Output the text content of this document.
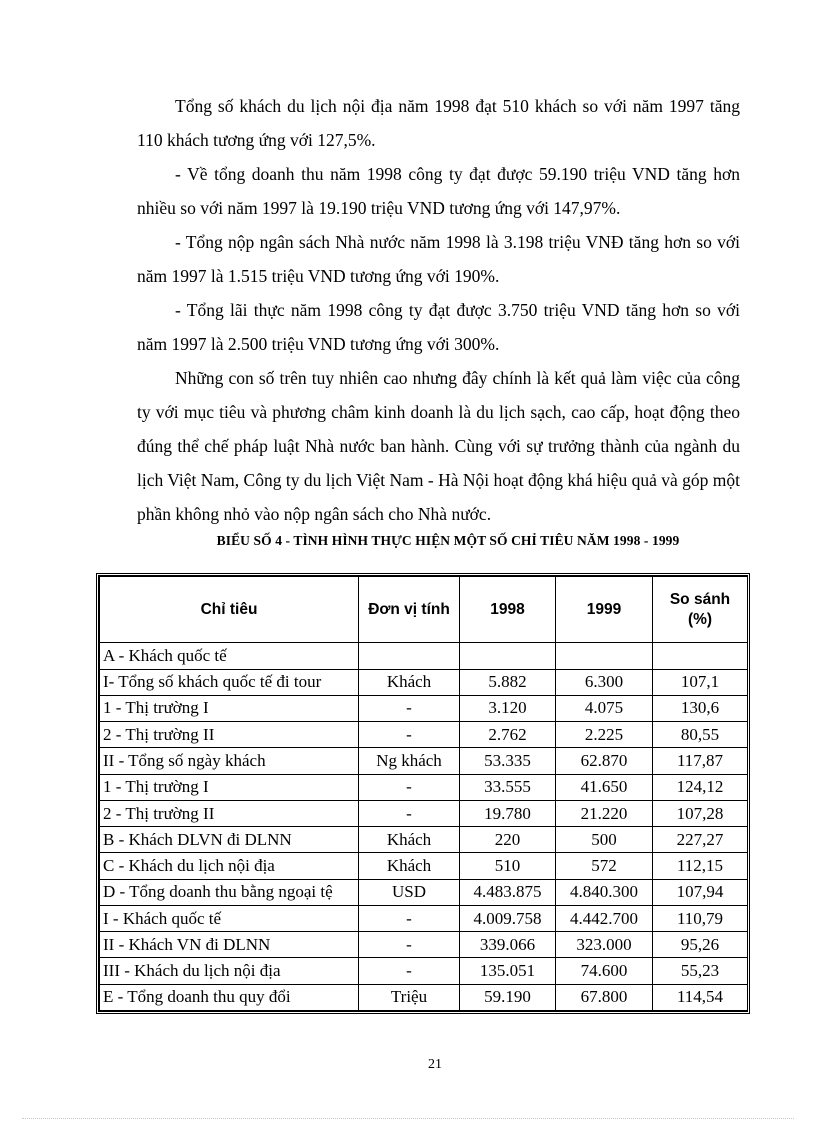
Tổng số khách du lịch nội địa năm 1998 đạt 510 khách so với năm 1997 tăng 110 khách tương ứng với 127,5%.

- Về tổng doanh thu năm 1998 công ty đạt được 59.190 triệu VND tăng hơn nhiều so với năm 1997 là 19.190 triệu VND tương ứng với 147,97%.

- Tổng nộp ngân sách Nhà nước năm 1998 là 3.198 triệu VNĐ tăng hơn so với năm 1997 là 1.515 triệu VND tương ứng với 190%.

- Tổng lãi thực năm 1998 công ty đạt được 3.750 triệu VND tăng hơn so với năm 1997 là 2.500 triệu VND tương ứng với 300%.

Những con số trên tuy nhiên cao nhưng đây chính là kết quả làm việc của công ty với mục tiêu và phương châm kinh doanh là du lịch sạch, cao cấp, hoạt động theo đúng thể chế pháp luật Nhà nước ban hành. Cùng với sự trưởng thành của ngành du lịch Việt Nam, Công ty du lịch Việt Nam - Hà Nội hoạt động khá hiệu quả và góp một phần không nhỏ vào nộp ngân sách cho Nhà nước.

BIỂU SỐ 4 - TÌNH HÌNH THỰC HIỆN MỘT SỐ CHỈ TIÊU NĂM 1998 - 1999
Chỉ tiêu	Đơn vị tính	1998	1999	So sánh
(%)
A - Khách quốc tế				
I- Tổng số khách quốc tế đi tour	Khách	5.882	6.300	107,1
1 - Thị trường I	-	3.120	4.075	130,6
2 - Thị trường II	-	2.762	2.225	80,55
II - Tổng số ngày khách	Ng khách	53.335	62.870	117,87
1 - Thị trường I	-	33.555	41.650	124,12
2 - Thị trường II	-	19.780	21.220	107,28
B - Khách DLVN đi DLNN	Khách	220	500	227,27
C - Khách du lịch nội địa	Khách	510	572	112,15
D - Tổng doanh thu bằng ngoại tệ	USD	4.483.875	4.840.300	107,94
I - Khách quốc tế	-	4.009.758	4.442.700	110,79
II - Khách VN đi DLNN	-	339.066	323.000	95,26
III - Khách du lịch nội địa	-	135.051	74.600	55,23
E - Tổng doanh thu quy đổi	Triệu	59.190	67.800	114,54
21
